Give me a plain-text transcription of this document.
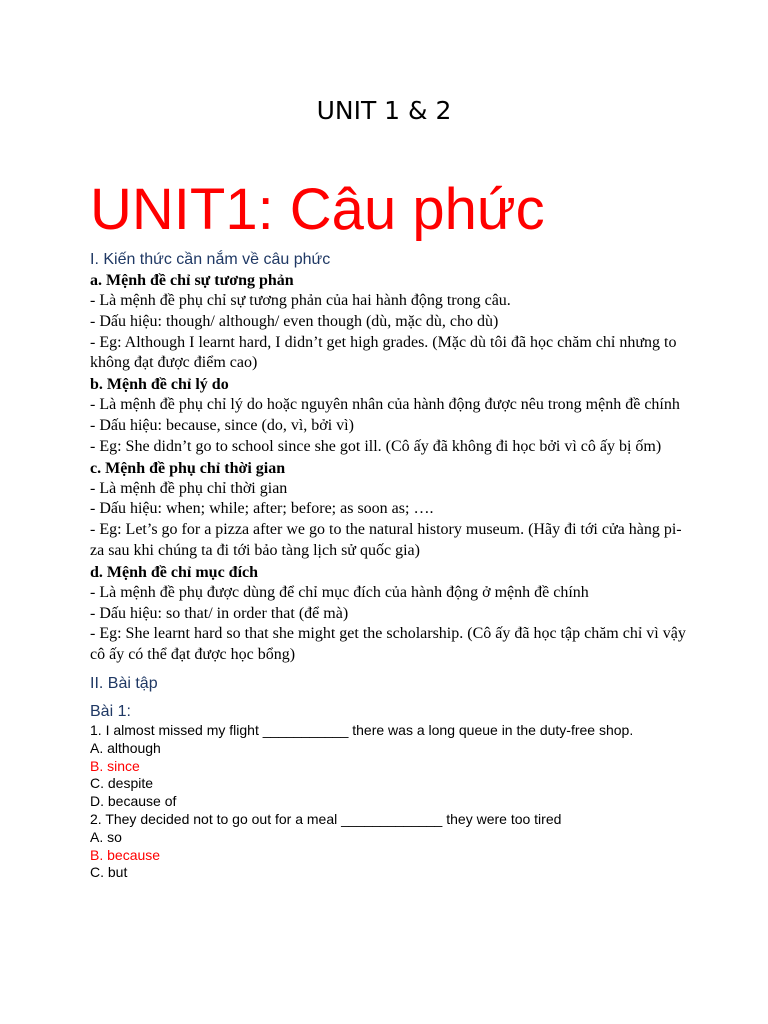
UNIT 1 & 2
UNIT1: Câu phức

I. Kiến thức cần nắm về câu phức

a. Mệnh đề chỉ sự tương phản

- Là mệnh đề phụ chỉ sự tương phản của hai hành động trong câu.

- Dấu hiệu: though/ although/ even though (dù, mặc dù, cho dù)

- Eg: Although I learnt hard, I didn’t get high grades. (Mặc dù tôi đã học chăm chỉ nhưng to không đạt được điểm cao)

b. Mệnh đề chỉ lý do

- Là mệnh đề phụ chỉ lý do hoặc nguyên nhân của hành động được nêu trong mệnh đề chính

- Dấu hiệu: because, since (do, vì, bởi vì)

- Eg: She didn’t go to school since she got ill. (Cô ấy đã không đi học bởi vì cô ấy bị ốm)

c. Mệnh đề phụ chỉ thời gian

- Là mệnh đề phụ chỉ thời gian

- Dấu hiệu: when; while; after; before; as soon as; ….

- Eg: Let’s go for a pizza after we go to the natural history museum. (Hãy đi tới cửa hàng pi-za sau khi chúng ta đi tới bảo tàng lịch sử quốc gia)

d. Mệnh đề chỉ mục đích

- Là mệnh đề phụ được dùng để chỉ mục đích của hành động ở mệnh đề chính

- Dấu hiệu: so that/ in order that (để mà)

- Eg: She learnt hard so that she might get the scholarship. (Cô ấy đã học tập chăm chỉ vì vậy cô ấy có thể đạt được học bổng)

II. Bài tập

Bài 1:

1. I almost missed my flight ___________ there was a long queue in the duty-free shop.

A. although

B. since

C. despite

D. because of

2. They decided not to go out for a meal _____________ they were too tired

A. so

B. because

C. but
